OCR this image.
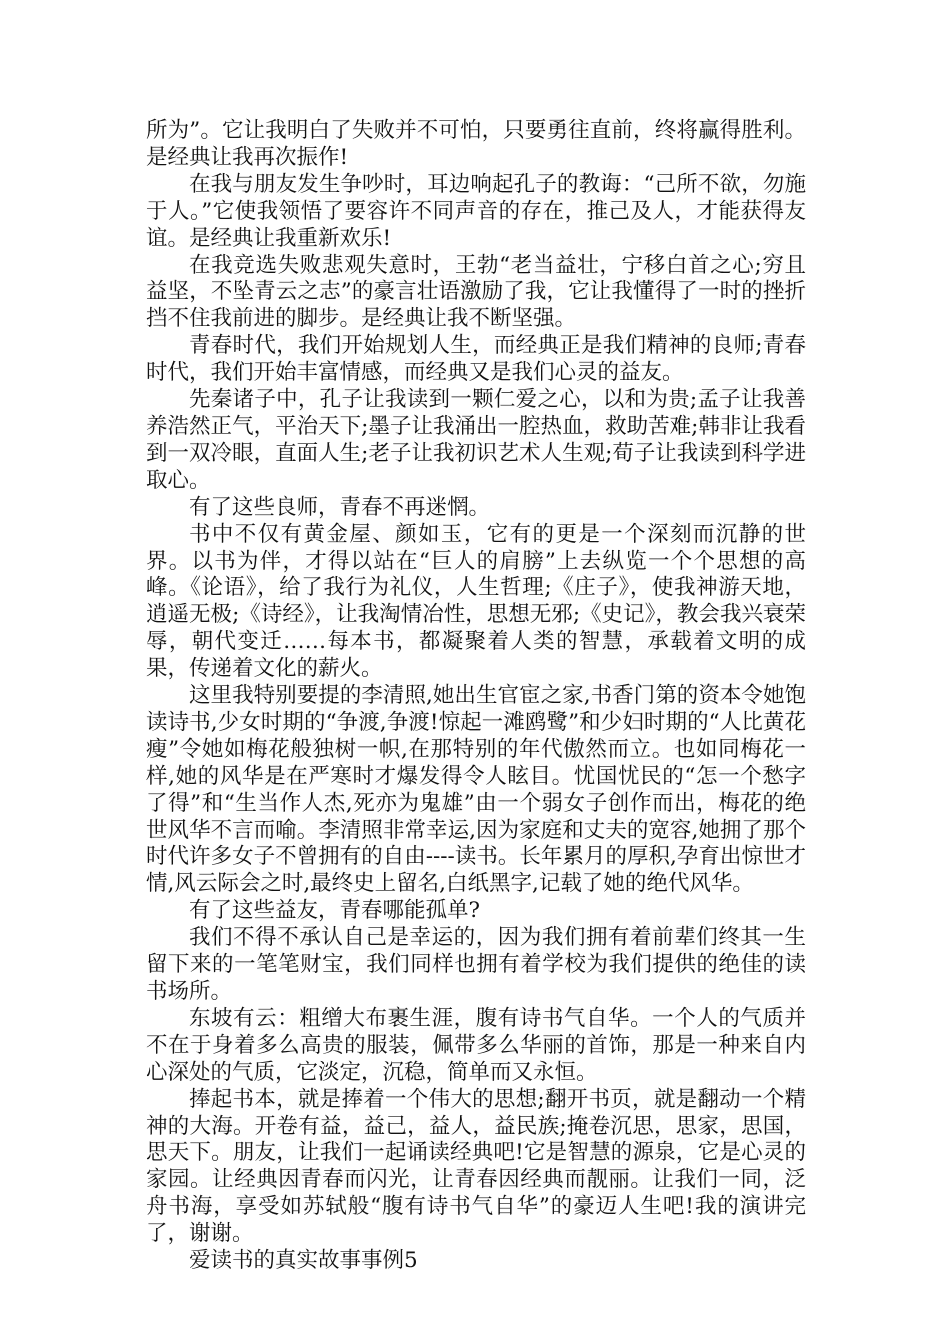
所为”。它让我明白了失败并不可怕，只要勇往直前，终将赢得胜利。是经典让我再次振作!

在我与朋友发生争吵时，耳边响起孔子的教诲：“己所不欲，勿施于人。”它使我领悟了要容许不同声音的存在，推己及人，才能获得友谊。是经典让我重新欢乐!

在我竞选失败悲观失意时，王勃“老当益壮，宁移白首之心;穷且益坚，不坠青云之志”的豪言壮语激励了我，它让我懂得了一时的挫折挡不住我前进的脚步。是经典让我不断坚强。

青春时代，我们开始规划人生，而经典正是我们精神的良师;青春时代，我们开始丰富情感，而经典又是我们心灵的益友。

先秦诸子中，孔子让我读到一颗仁爱之心，以和为贵;孟子让我善养浩然正气，平治天下;墨子让我涌出一腔热血，救助苦难;韩非让我看到一双冷眼，直面人生;老子让我初识艺术人生观;荀子让我读到科学进取心。

有了这些良师，青春不再迷惘。

书中不仅有黄金屋、颜如玉，它有的更是一个深刻而沉静的世界。以书为伴，才得以站在“巨人的肩膀”上去纵览一个个思想的高峰。《论语》，给了我行为礼仪，人生哲理;《庄子》，使我神游天地，逍遥无极;《诗经》，让我淘情冶性，思想无邪;《史记》，教会我兴衰荣辱，朝代变迁……每本书，都凝聚着人类的智慧，承载着文明的成果，传递着文化的薪火。

这里我特别要提的李清照,她出生官宦之家,书香门第的资本令她饱读诗书,少女时期的“争渡,争渡!惊起一滩鸥鹭”和少妇时期的“人比黄花瘦”令她如梅花般独树一帜,在那特别的年代傲然而立。也如同梅花一样,她的风华是在严寒时才爆发得令人眩目。忧国忧民的“怎一个愁字了得”和“生当作人杰,死亦为鬼雄”由一个弱女子创作而出，梅花的绝世风华不言而喻。李清照非常幸运,因为家庭和丈夫的宽容,她拥了那个时代许多女子不曾拥有的自由----读书。长年累月的厚积,孕育出惊世才情,风云际会之时,最终史上留名,白纸黑字,记载了她的绝代风华。

有了这些益友，青春哪能孤单?

我们不得不承认自己是幸运的，因为我们拥有着前辈们终其一生留下来的一笔笔财宝，我们同样也拥有着学校为我们提供的绝佳的读书场所。

东坡有云：粗缯大布裹生涯，腹有诗书气自华。一个人的气质并不在于身着多么高贵的服装，佩带多么华丽的首饰，那是一种来自内心深处的气质，它淡定，沉稳，简单而又永恒。

捧起书本，就是捧着一个伟大的思想;翻开书页，就是翻动一个精神的大海。开卷有益，益己，益人，益民族;掩卷沉思，思家，思国，思天下。朋友，让我们一起诵读经典吧!它是智慧的源泉，它是心灵的家园。让经典因青春而闪光，让青春因经典而靓丽。让我们一同，泛舟书海，享受如苏轼般“腹有诗书气自华”的豪迈人生吧!我的演讲完了，谢谢。

爱读书的真实故事事例5
